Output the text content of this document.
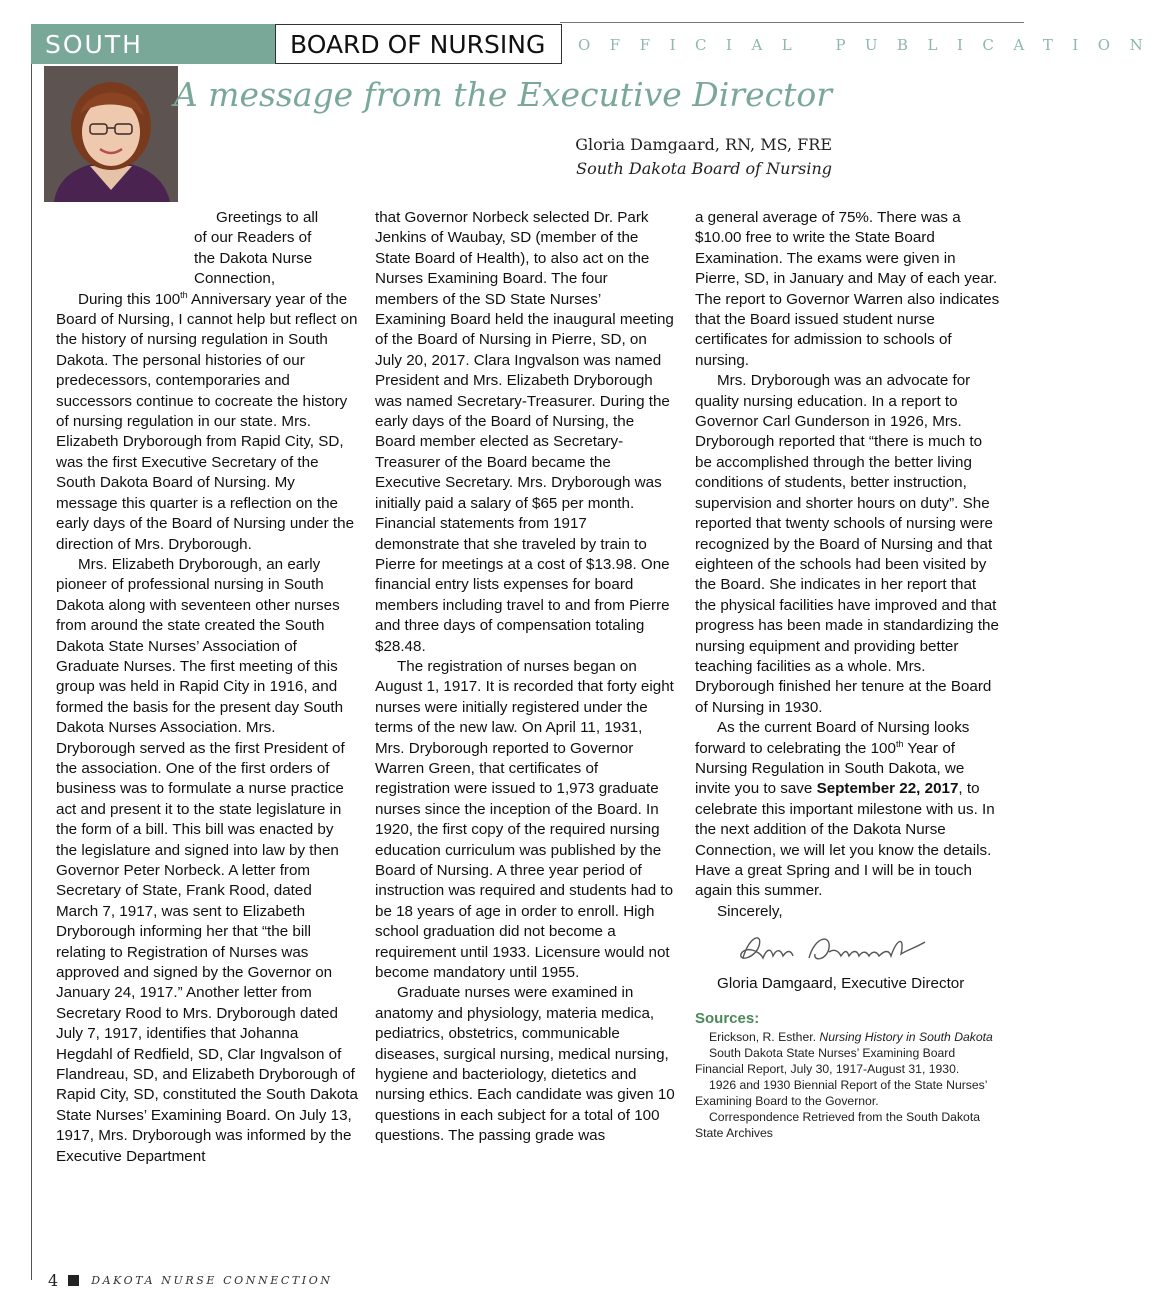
SOUTH	BOARD OF NURSING	OFFICIAL PUBLICATION
A message from the Executive Director
Gloria Damgaard, RN, MS, FRE
South Dakota Board of Nursing

Greetings to all
of our Readers of
the Dakota Nurse
Connection,

During this 100th Anniversary year of the Board of Nursing, I cannot help but reflect on the history of nursing regulation in South Dakota. The personal histories of our predecessors, contemporaries and successors continue to cocreate the history of nursing regulation in our state. Mrs. Elizabeth Dryborough from Rapid City, SD, was the first Executive Secretary of the South Dakota Board of Nursing. My message this quarter is a reflection on the early days of the Board of Nursing under the direction of Mrs. Dryborough.

Mrs. Elizabeth Dryborough, an early pioneer of professional nursing in South Dakota along with seventeen other nurses from around the state created the South Dakota State Nurses’ Association of Graduate Nurses. The first meeting of this group was held in Rapid City in 1916, and formed the basis for the present day South Dakota Nurses Association. Mrs. Dryborough served as the first President of the association. One of the first orders of business was to formulate a nurse practice act and present it to the state legislature in the form of a bill. This bill was enacted by the legislature and signed into law by then Governor Peter Norbeck. A letter from Secretary of State, Frank Rood, dated March 7, 1917, was sent to Elizabeth Dryborough informing her that “the bill relating to Registration of Nurses was approved and signed by the Governor on January 24, 1917.” Another letter from Secretary Rood to Mrs. Dryborough dated July 7, 1917, identifies that Johanna Hegdahl of Redfield, SD, Clar Ingvalson of Flandreau, SD, and Elizabeth Dryborough of Rapid City, SD, constituted the South Dakota State Nurses’ Examining Board. On July 13, 1917, Mrs. Dryborough was informed by the Executive Department

that Governor Norbeck selected Dr. Park Jenkins of Waubay, SD (member of the State Board of Health), to also act on the Nurses Examining Board. The four members of the SD State Nurses’ Examining Board held the inaugural meeting of the Board of Nursing in Pierre, SD, on July 20, 2017. Clara Ingvalson was named President and Mrs. Elizabeth Dryborough was named Secretary-Treasurer. During the early days of the Board of Nursing, the Board member elected as Secretary-Treasurer of the Board became the Executive Secretary. Mrs. Dryborough was initially paid a salary of $65 per month. Financial statements from 1917 demonstrate that she traveled by train to Pierre for meetings at a cost of $13.98. One financial entry lists expenses for board members including travel to and from Pierre and three days of compensation totaling $28.48.

The registration of nurses began on August 1, 1917. It is recorded that forty eight nurses were initially registered under the terms of the new law. On April 11, 1931, Mrs. Dryborough reported to Governor Warren Green, that certificates of registration were issued to 1,973 graduate nurses since the inception of the Board. In 1920, the first copy of the required nursing education curriculum was published by the Board of Nursing. A three year period of instruction was required and students had to be 18 years of age in order to enroll. High school graduation did not become a requirement until 1933. Licensure would not become mandatory until 1955.

Graduate nurses were examined in anatomy and physiology, materia medica, pediatrics, obstetrics, communicable diseases, surgical nursing, medical nursing, hygiene and bacteriology, dietetics and nursing ethics. Each candidate was given 10 questions in each subject for a total of 100 questions. The passing grade was

a general average of 75%. There was a $10.00 free to write the State Board Examination. The exams were given in Pierre, SD, in January and May of each year. The report to Governor Warren also indicates that the Board issued student nurse certificates for admission to schools of nursing.

Mrs. Dryborough was an advocate for quality nursing education. In a report to Governor Carl Gunderson in 1926, Mrs. Dryborough reported that “there is much to be accomplished through the better living conditions of students, better instruction, supervision and shorter hours on duty”. She reported that twenty schools of nursing were recognized by the Board of Nursing and that eighteen of the schools had been visited by the Board. She indicates in her report that the physical facilities have improved and that progress has been made in standardizing the nursing equipment and providing better teaching facilities as a whole. Mrs. Dryborough finished her tenure at the Board of Nursing in 1930.

As the current Board of Nursing looks forward to celebrating the 100th Year of Nursing Regulation in South Dakota, we invite you to save September 22, 2017, to celebrate this important milestone with us. In the next addition of the Dakota Nurse Connection, we will let you know the details. Have a great Spring and I will be in touch again this summer.

Sincerely,

Gloria Damgaard, Executive Director

Sources:

Erickson, R. Esther. Nursing History in South Dakota

South Dakota State Nurses’ Examining Board Financial Report, July 30, 1917-August 31, 1930.

1926 and 1930 Biennial Report of the State Nurses’ Examining Board to the Governor.

Correspondence Retrieved from the South Dakota State Archives

4	DAKOTA NURSE CONNECTION
